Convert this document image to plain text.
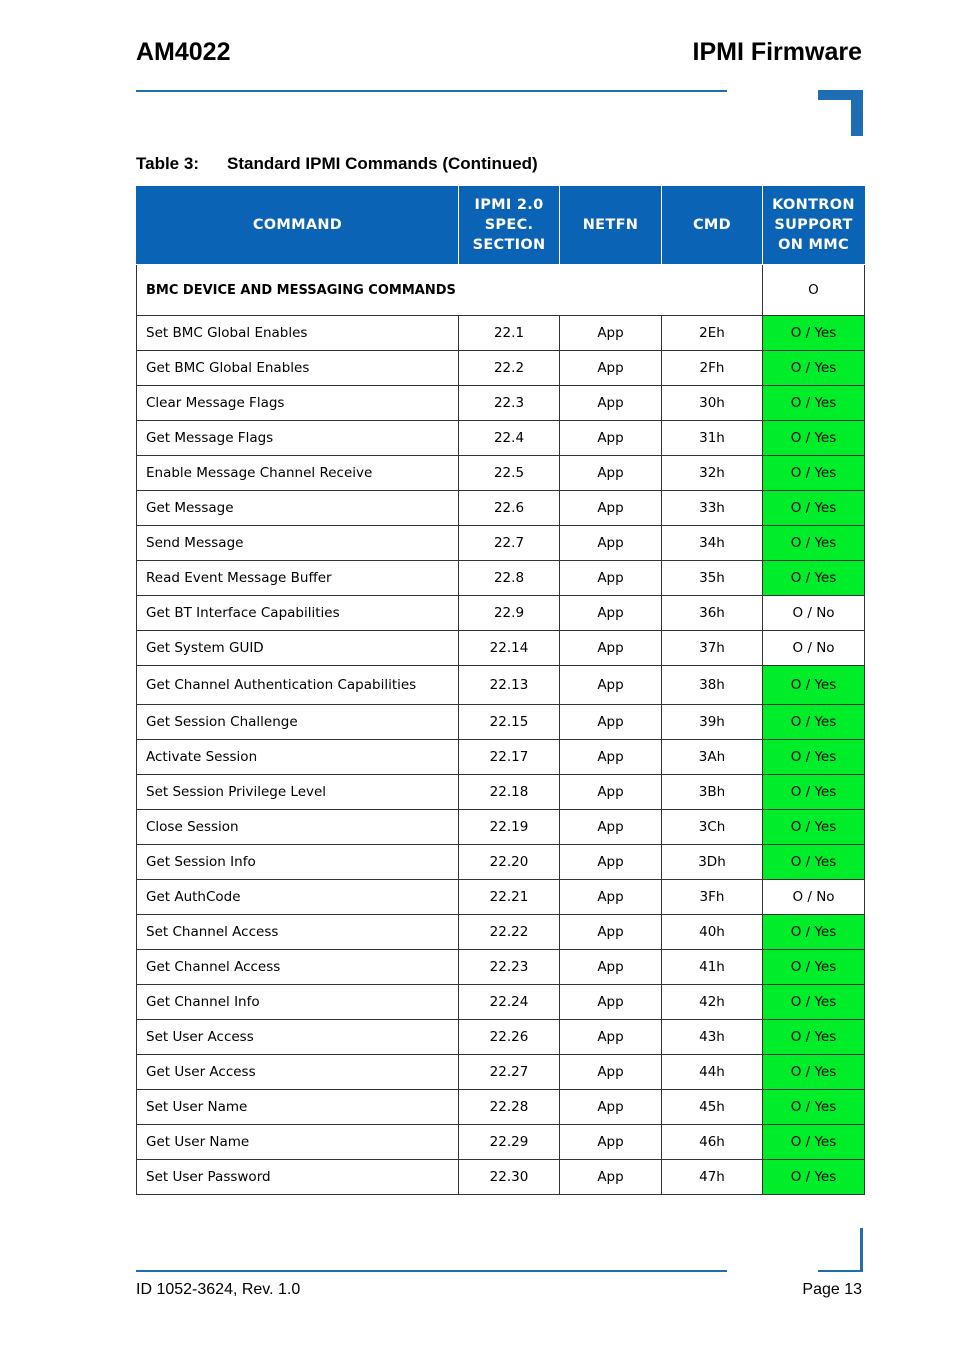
AM4022	IPMI Firmware
Table 3:	Standard IPMI Commands (Continued)
COMMAND	IPMI 2.0
SPEC.
SECTION	NETFN	CMD	KONTRON
SUPPORT
ON MMC
BMC DEVICE AND MESSAGING COMMANDS				O
Set BMC Global Enables	22.1	App	2Eh	O / Yes
Get BMC Global Enables	22.2	App	2Fh	O / Yes
Clear Message Flags	22.3	App	30h	O / Yes
Get Message Flags	22.4	App	31h	O / Yes
Enable Message Channel Receive	22.5	App	32h	O / Yes
Get Message	22.6	App	33h	O / Yes
Send Message	22.7	App	34h	O / Yes
Read Event Message Buffer	22.8	App	35h	O / Yes
Get BT Interface Capabilities	22.9	App	36h	O / No
Get System GUID	22.14	App	37h	O / No
Get Channel Authentication Capabilities	22.13	App	38h	O / Yes
Get Session Challenge	22.15	App	39h	O / Yes
Activate Session	22.17	App	3Ah	O / Yes
Set Session Privilege Level	22.18	App	3Bh	O / Yes
Close Session	22.19	App	3Ch	O / Yes
Get Session Info	22.20	App	3Dh	O / Yes
Get AuthCode	22.21	App	3Fh	O / No
Set Channel Access	22.22	App	40h	O / Yes
Get Channel Access	22.23	App	41h	O / Yes
Get Channel Info	22.24	App	42h	O / Yes
Set User Access	22.26	App	43h	O / Yes
Get User Access	22.27	App	44h	O / Yes
Set User Name	22.28	App	45h	O / Yes
Get User Name	22.29	App	46h	O / Yes
Set User Password	22.30	App	47h	O / Yes
ID 1052-3624, Rev. 1.0	Page 13
